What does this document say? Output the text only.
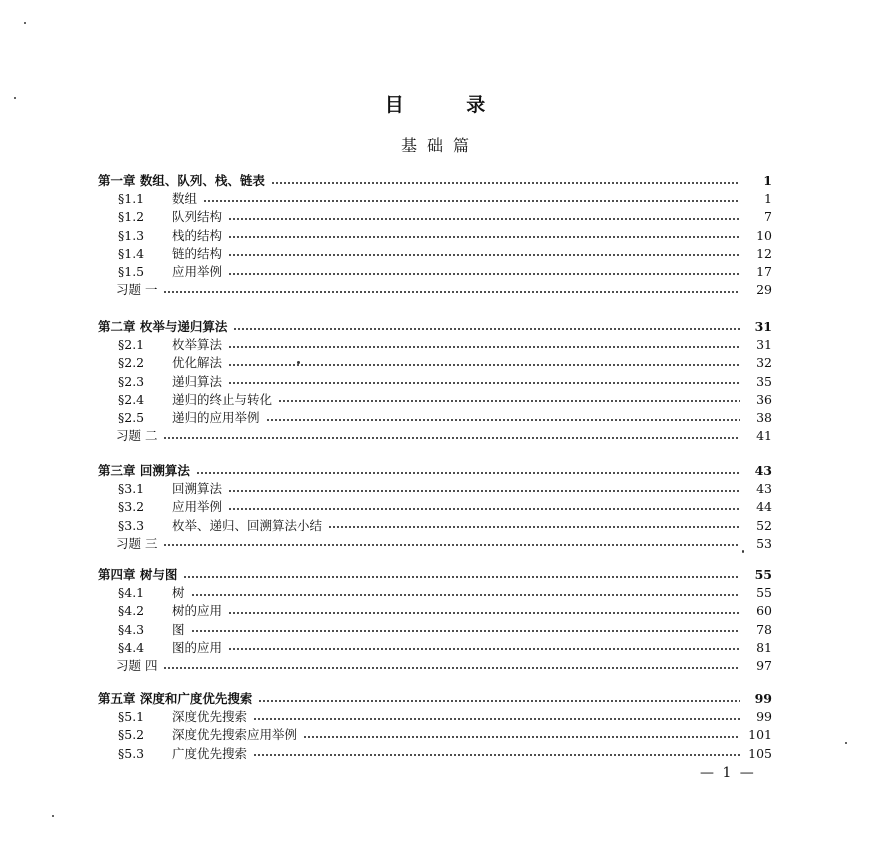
目 录
基础篇
第一章 数组、队列、栈、链表	1
§1.1	数组	1
§1.2	队列结构	7
§1.3	栈的结构	10
§1.4	链的结构	12
§1.5	应用举例	17
习题 一	29
第二章 枚举与递归算法	31
§2.1	枚举算法	31
§2.2	优化解法	32
§2.3	递归算法	35
§2.4	递归的终止与转化	36
§2.5	递归的应用举例	38
习题 二	41
第三章 回溯算法	43
§3.1	回溯算法	43
§3.2	应用举例	44
§3.3	枚举、递归、回溯算法小结	52
习题 三	53
第四章 树与图	55
§4.1	树	55
§4.2	树的应用	60
§4.3	图	78
§4.4	图的应用	81
习题 四	97
第五章 深度和广度优先搜索	99
§5.1	深度优先搜索	99
§5.2	深度优先搜索应用举例	101
§5.3	广度优先搜索	105
— 1 —
